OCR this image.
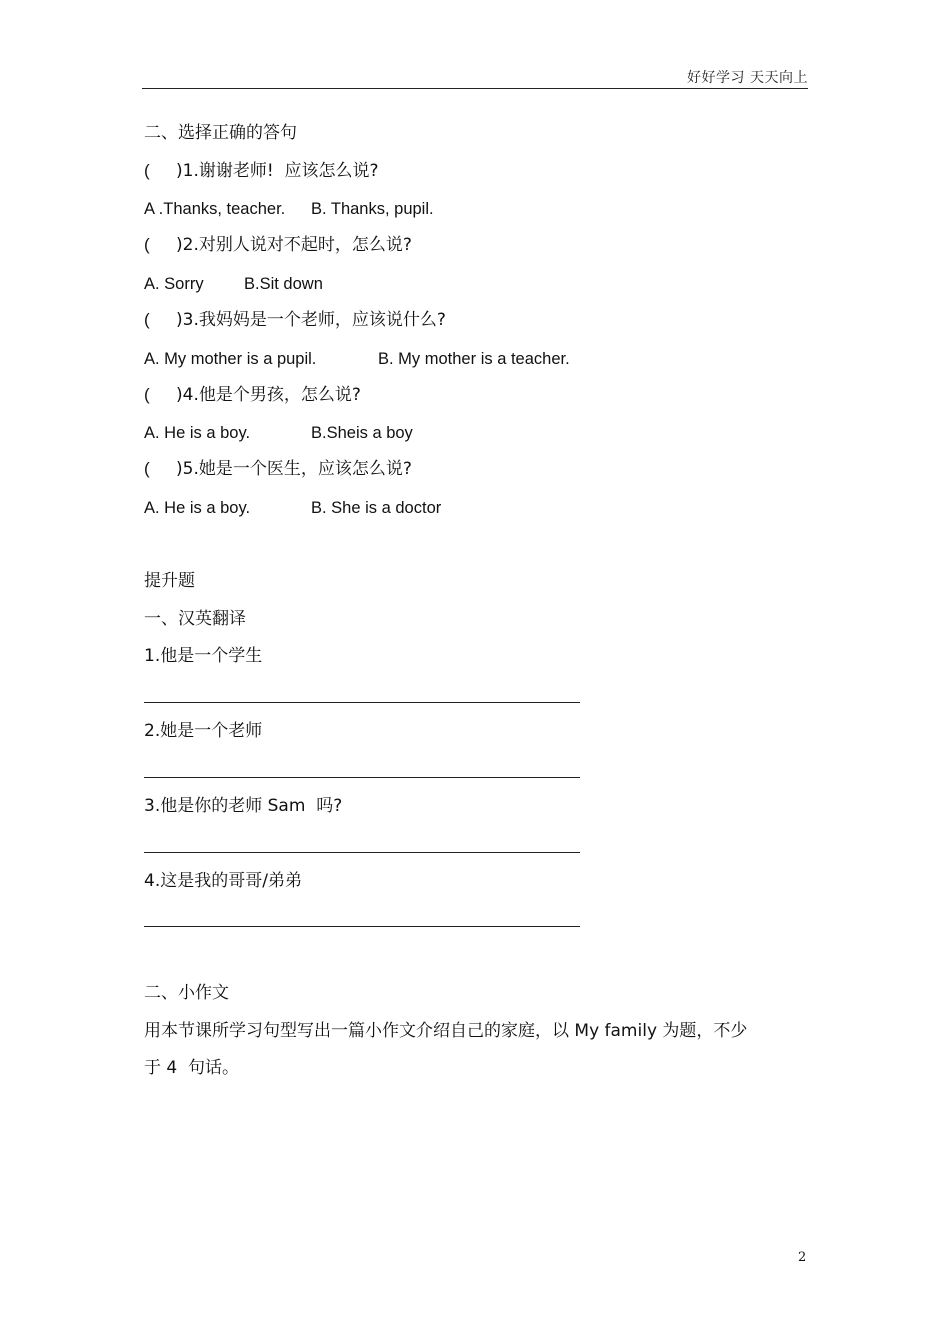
好好学习 天天向上
二、选择正确的答句
( )1.谢谢老师!  应该怎么说?
A .Thanks, teacher. B. Thanks, pupil.
( )2.对别人说对不起时，怎么说?
A. Sorry B.Sit down
( )3.我妈妈是一个老师，应该说什么?
A. My mother is a pupil.	B. My mother is a teacher.
( )4.他是个男孩，怎么说?
A. He is a boy.	B.Sheis a boy
( )5.她是一个医生，应该怎么说?
A. He is a boy.	B. She is a doctor
提升题
一、汉英翻译
1.他是一个学生
2.她是一个老师
3.他是你的老师 Sam  吗?
4.这是我的哥哥/弟弟
二、小作文
用本节课所学习句型写出一篇小作文介绍自己的家庭，以 My family 为题，不少
于 4  句话。
2
